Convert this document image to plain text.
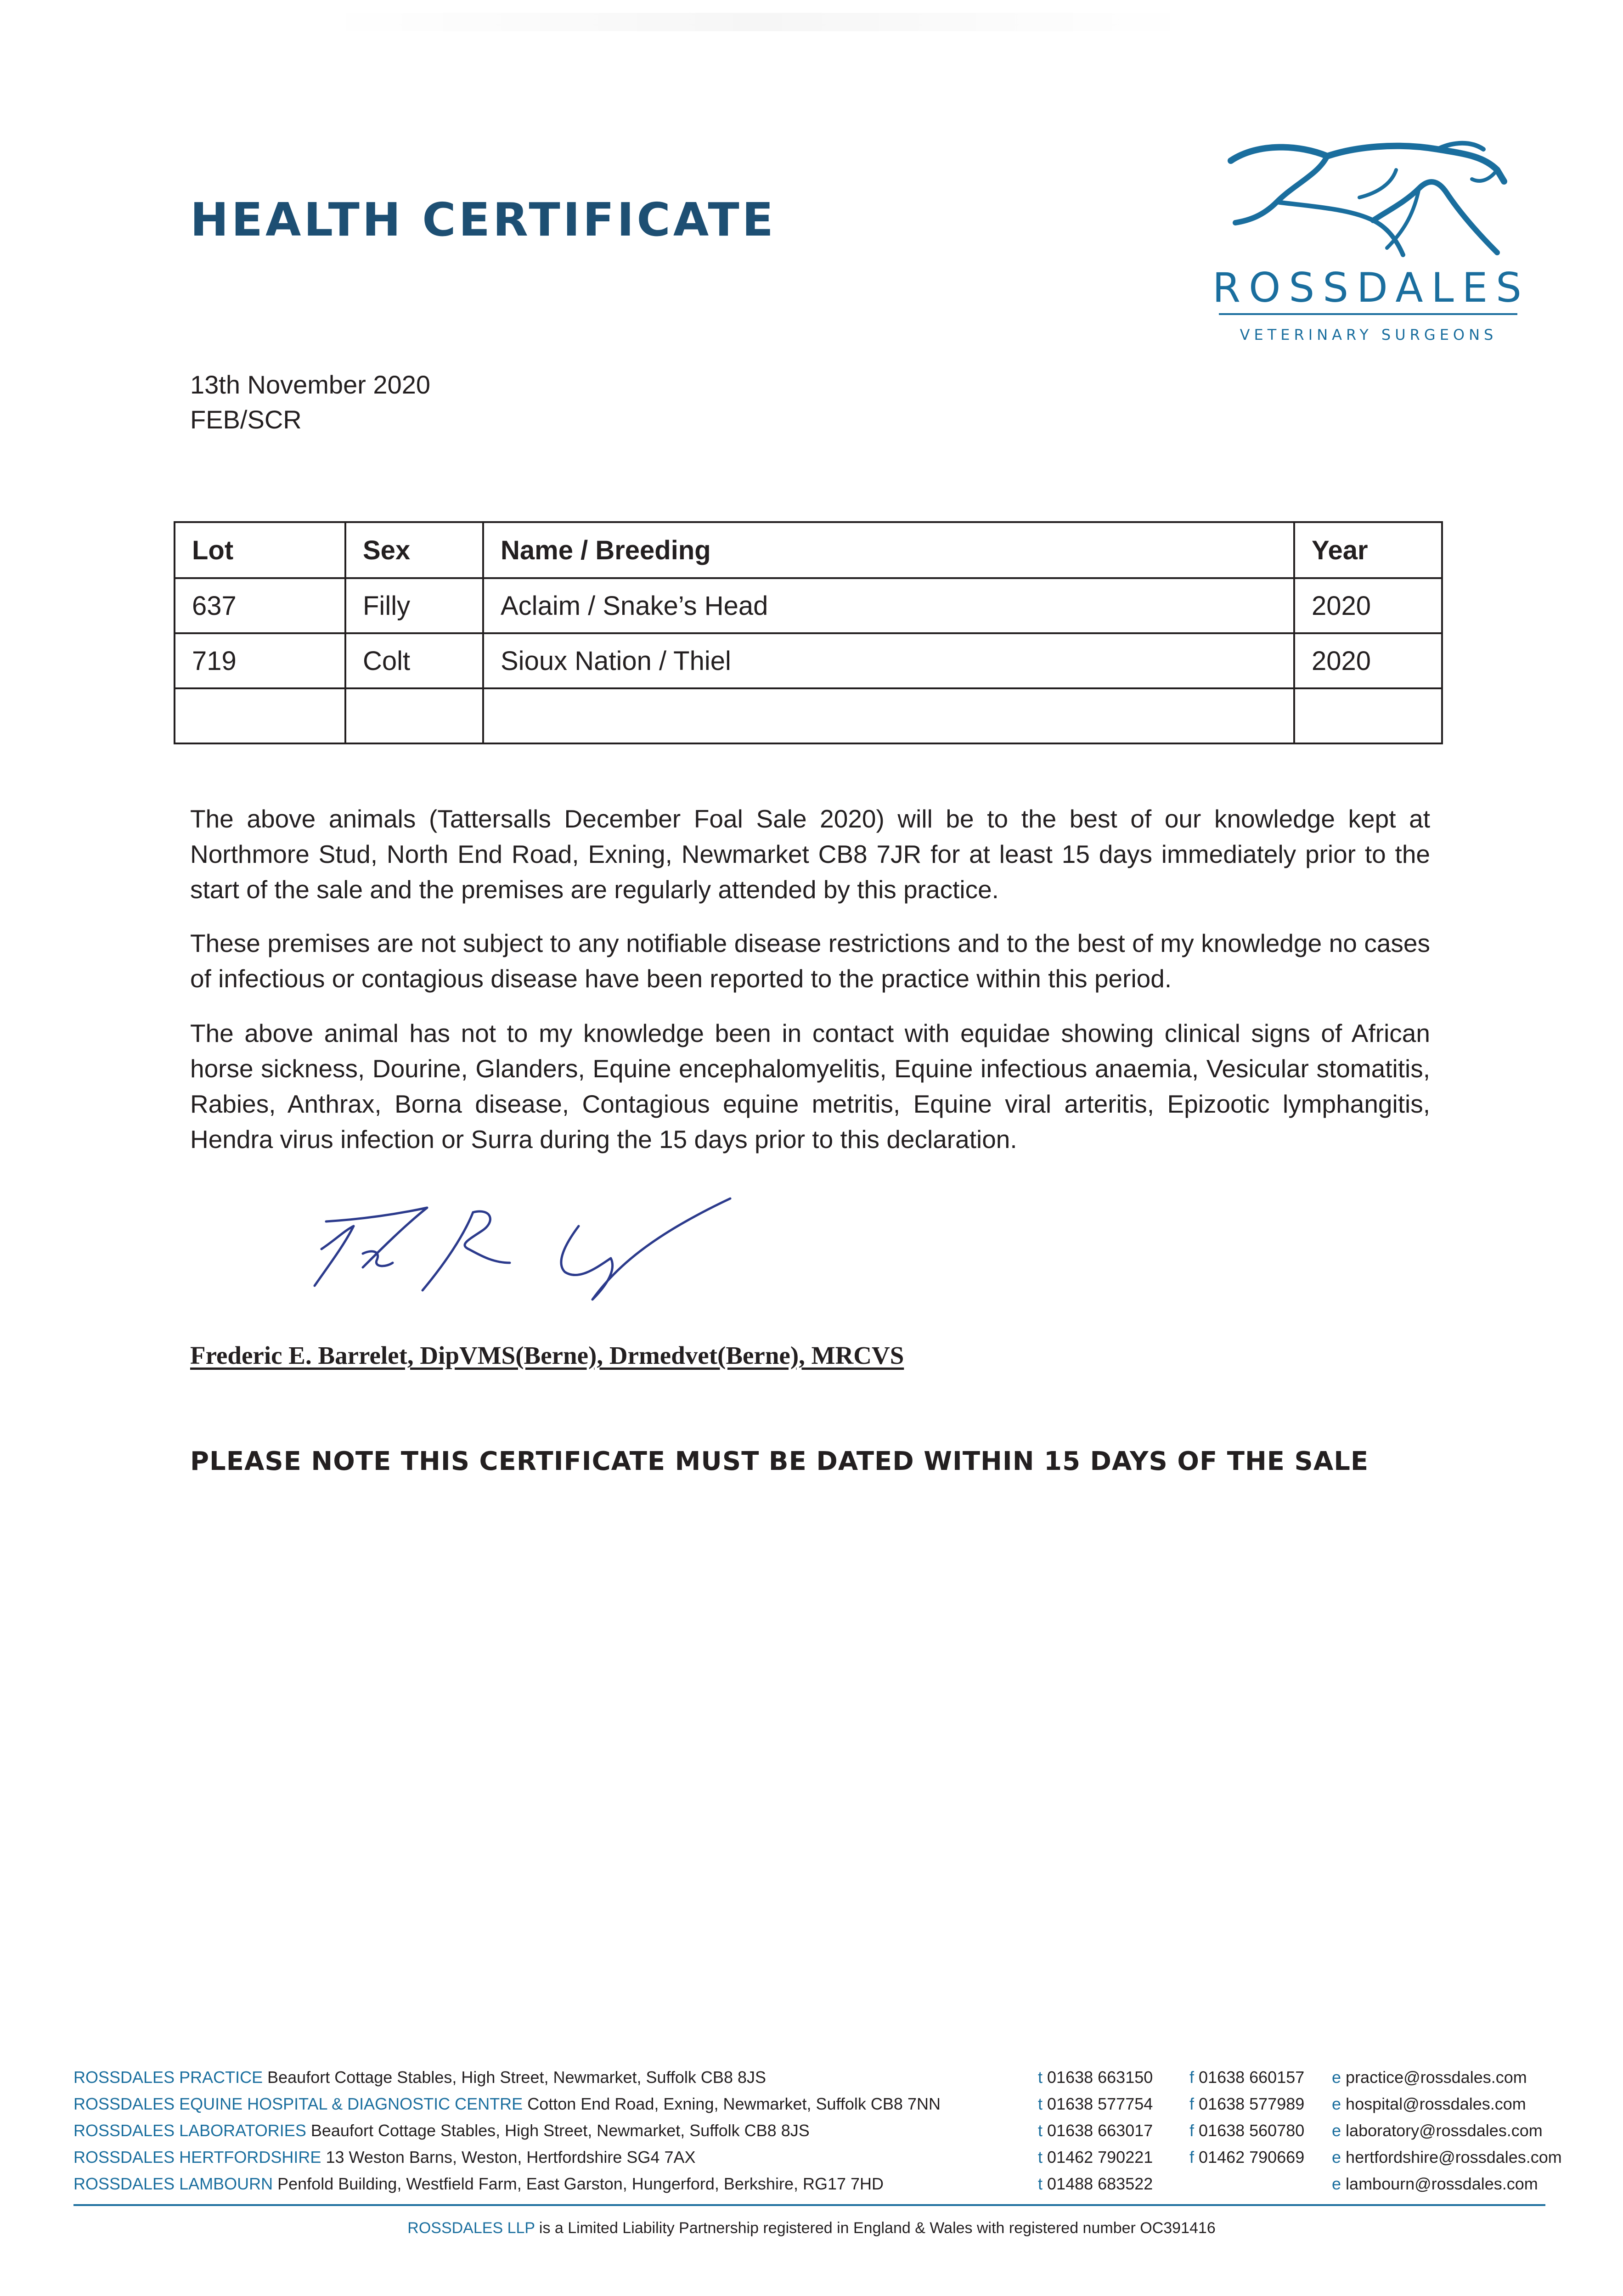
HEALTH CERTIFICATE
ROSSDALES
VETERINARY SURGEONS
13th November 2020
FEB/SCR
Lot	Sex	Name / Breeding	Year
637	Filly	Aclaim / Snake’s Head	2020
719	Colt	Sioux Nation / Thiel	2020

The above animals (Tattersalls December Foal Sale 2020) will be to the best of our knowledge kept at Northmore Stud, North End Road, Exning, Newmarket CB8 7JR for at least 15 days immediately prior to the start of the sale and the premises are regularly attended by this practice.
These premises are not subject to any notifiable disease restrictions and to the best of my knowledge no cases of infectious or contagious disease have been reported to the practice within this period.
The above animal has not to my knowledge been in contact with equidae showing clinical signs of African horse sickness, Dourine, Glanders, Equine encephalomyelitis, Equine infectious anaemia, Vesicular stomatitis, Rabies, Anthrax, Borna disease, Contagious equine metritis, Equine viral arteritis, Epizootic lymphangitis, Hendra virus infection or Surra during the 15 days prior to this declaration.
Frederic E. Barrelet, DipVMS(Berne), Drmedvet(Berne), MRCVS
PLEASE NOTE THIS CERTIFICATE MUST BE DATED WITHIN 15 DAYS OF THE SALE
ROSSDALES PRACTICE Beaufort Cottage Stables, High Street, Newmarket, Suffolk CB8 8JS	t 01638 663150 f 01638 660157 e practice@rossdales.com
ROSSDALES EQUINE HOSPITAL & DIAGNOSTIC CENTRE Cotton End Road, Exning, Newmarket, Suffolk CB8 7NN	t 01638 577754 f 01638 577989 e hospital@rossdales.com
ROSSDALES LABORATORIES Beaufort Cottage Stables, High Street, Newmarket, Suffolk CB8 8JS	t 01638 663017 f 01638 560780 e laboratory@rossdales.com
ROSSDALES HERTFORDSHIRE 13 Weston Barns, Weston, Hertfordshire SG4 7AX	t 01462 790221 f 01462 790669 e hertfordshire@rossdales.com
ROSSDALES LAMBOURN Penfold Building, Westfield Farm, East Garston, Hungerford, Berkshire, RG17 7HD	t 01488 683522	e lambourn@rossdales.com
ROSSDALES LLP is a Limited Liability Partnership registered in England & Wales with registered number OC391416
